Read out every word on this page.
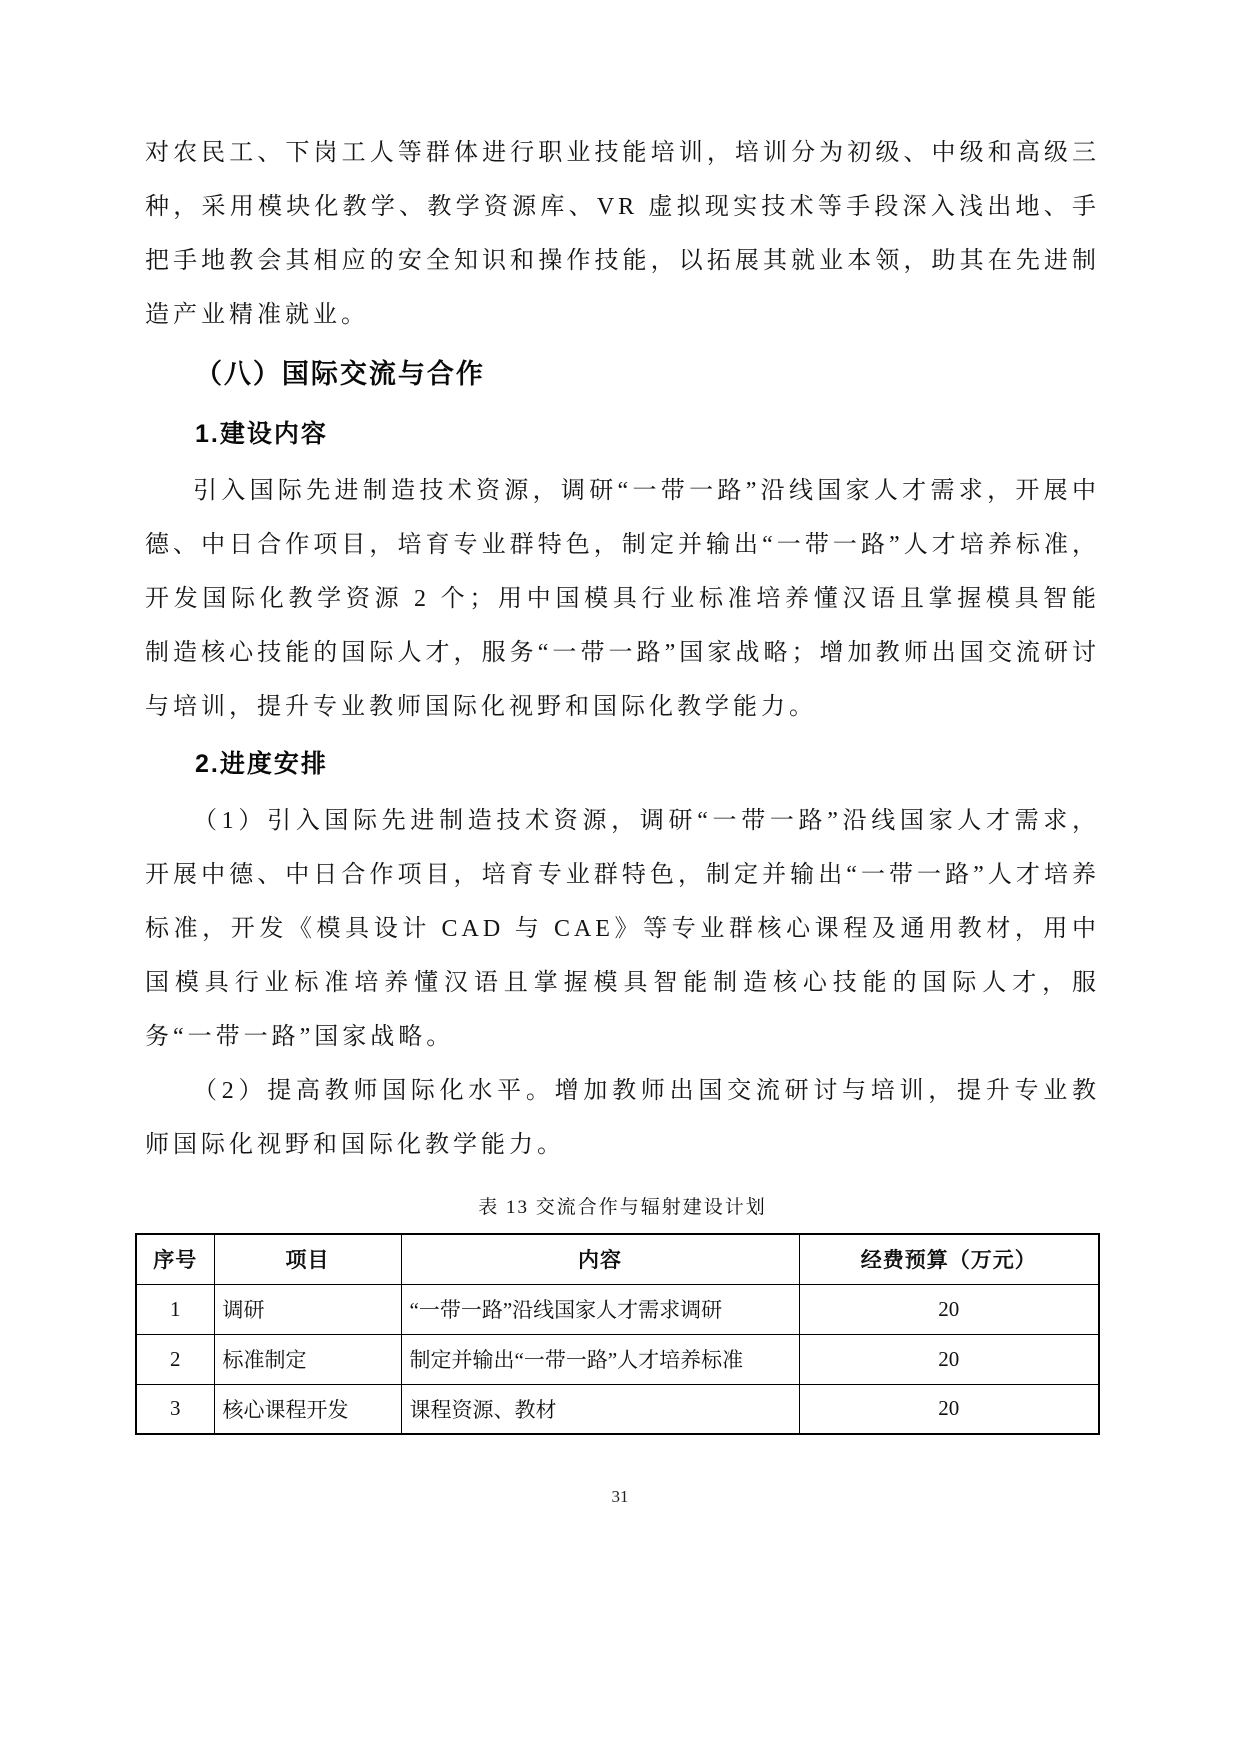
对农民工、下岗工人等群体进行职业技能培训，培训分为初级、中级和高级三种，采用模块化教学、教学资源库、VR 虚拟现实技术等手段深入浅出地、手把手地教会其相应的安全知识和操作技能，以拓展其就业本领，助其在先进制造产业精准就业。

（八）国际交流与合作
1.建设内容

引入国际先进制造技术资源，调研“一带一路”沿线国家人才需求，开展中德、中日合作项目，培育专业群特色，制定并输出“一带一路”人才培养标准，开发国际化教学资源 2 个；用中国模具行业标准培养懂汉语且掌握模具智能制造核心技能的国际人才，服务“一带一路”国家战略；增加教师出国交流研讨与培训，提升专业教师国际化视野和国际化教学能力。

2.进度安排

（1）引入国际先进制造技术资源，调研“一带一路”沿线国家人才需求，开展中德、中日合作项目，培育专业群特色，制定并输出“一带一路”人才培养标准，开发《模具设计 CAD 与 CAE》等专业群核心课程及通用教材，用中国模具行业标准培养懂汉语且掌握模具智能制造核心技能的国际人才，服务“一带一路”国家战略。

（2）提高教师国际化水平。增加教师出国交流研讨与培训，提升专业教师国际化视野和国际化教学能力。

表 13 交流合作与辐射建设计划
序号	项目	内容	经费预算（万元）
1	调研	“一带一路”沿线国家人才需求调研	20
2	标准制定	制定并输出“一带一路”人才培养标准	20
3	核心课程开发	课程资源、教材	20
31
